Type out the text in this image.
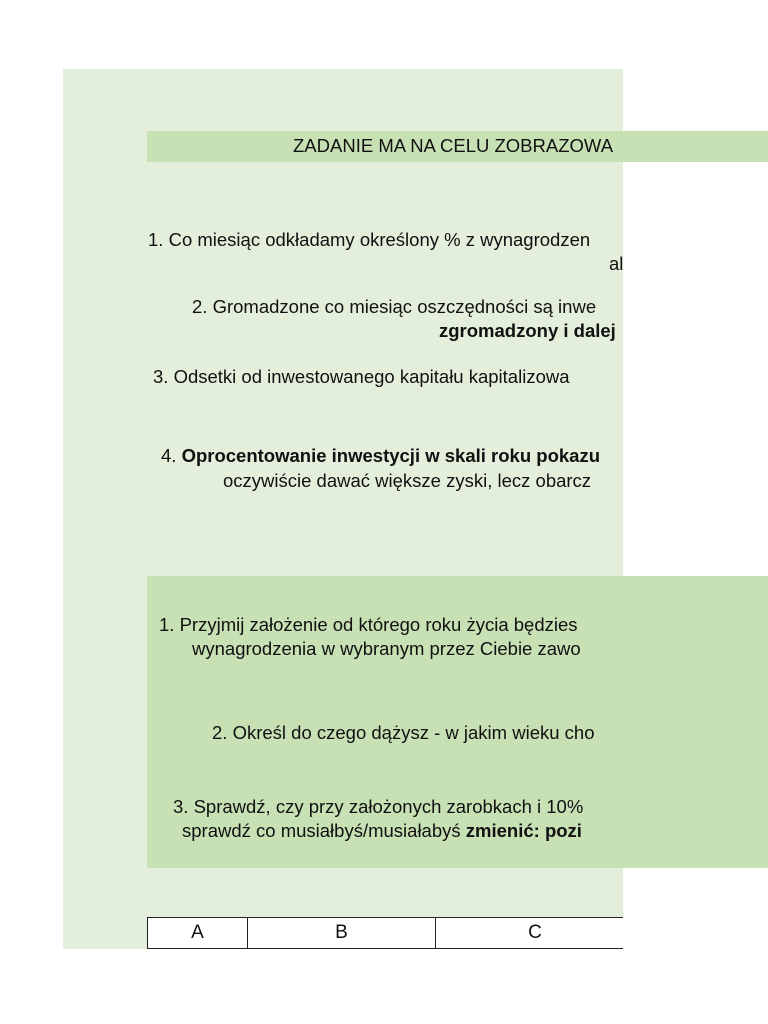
ZADANIE MA NA CELU ZOBRAZOWA
1. Co miesiąc odkładamy określony % z wynagrodzen
al
2. Gromadzone co miesiąc oszczędności są inwe
zgromadzony i dalej
3. Odsetki od inwestowanego kapitału kapitalizowa
4. Oprocentowanie inwestycji w skali roku pokazu
oczywiście dawać większe zyski, lecz obarcz
1. Przyjmij założenie od którego roku życia będzies
wynagrodzenia w wybranym przez Ciebie zawo
2. Określ do czego dążysz - w jakim wieku cho
3. Sprawdź, czy przy założonych zarobkach i 10%
sprawdź co musiałbyś/musiałabyś zmienić: pozi
A	B	C
